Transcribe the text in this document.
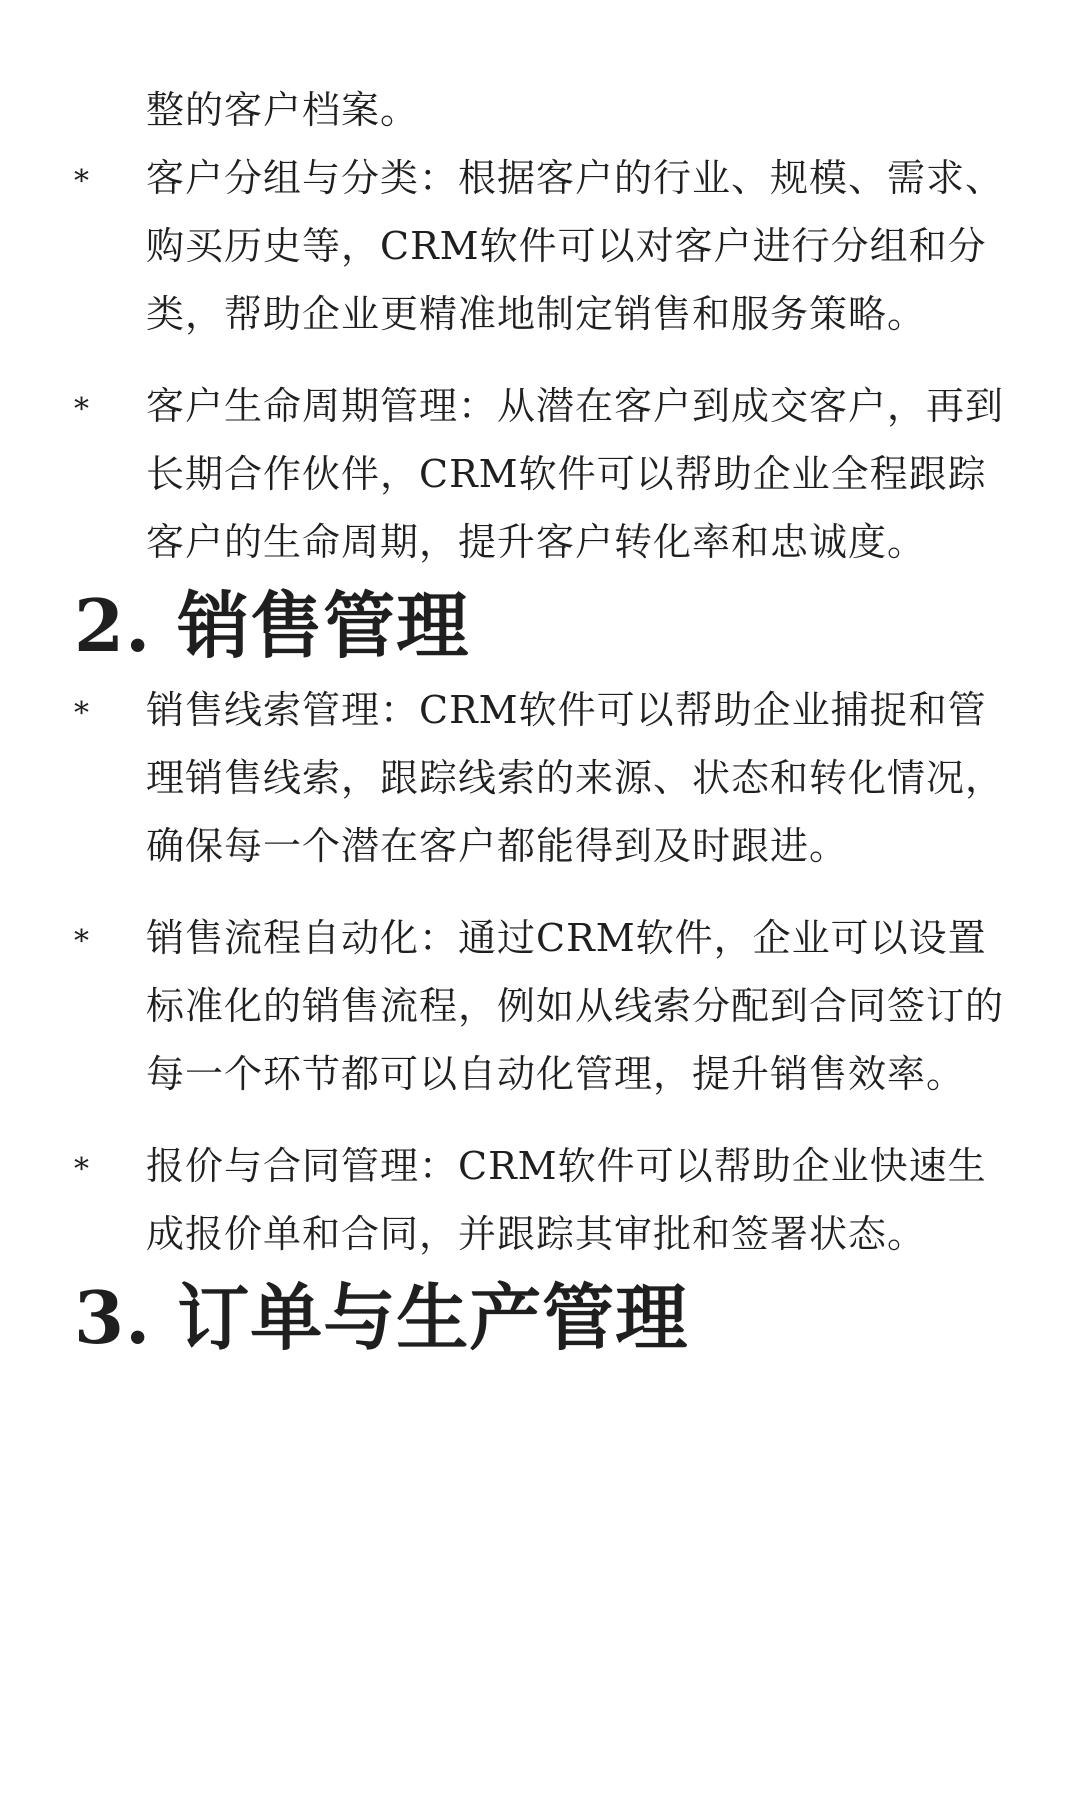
整的客户档案。

* 客户分组与分类：根据客户的行业、规模、需求、购买历史等，CRM软件可以对客户进行分组和分类，帮助企业更精准地制定销售和服务策略。
* 客户生命周期管理：从潜在客户到成交客户，再到长期合作伙伴，CRM软件可以帮助企业全程跟踪客户的生命周期，提升客户转化率和忠诚度。
2. 销售管理
* 销售线索管理：CRM软件可以帮助企业捕捉和管理销售线索，跟踪线索的来源、状态和转化情况，确保每一个潜在客户都能得到及时跟进。
* 销售流程自动化：通过CRM软件，企业可以设置标准化的销售流程，例如从线索分配到合同签订的每一个环节都可以自动化管理，提升销售效率。
* 报价与合同管理：CRM软件可以帮助企业快速生成报价单和合同，并跟踪其审批和签署状态。
3. 订单与生产管理
